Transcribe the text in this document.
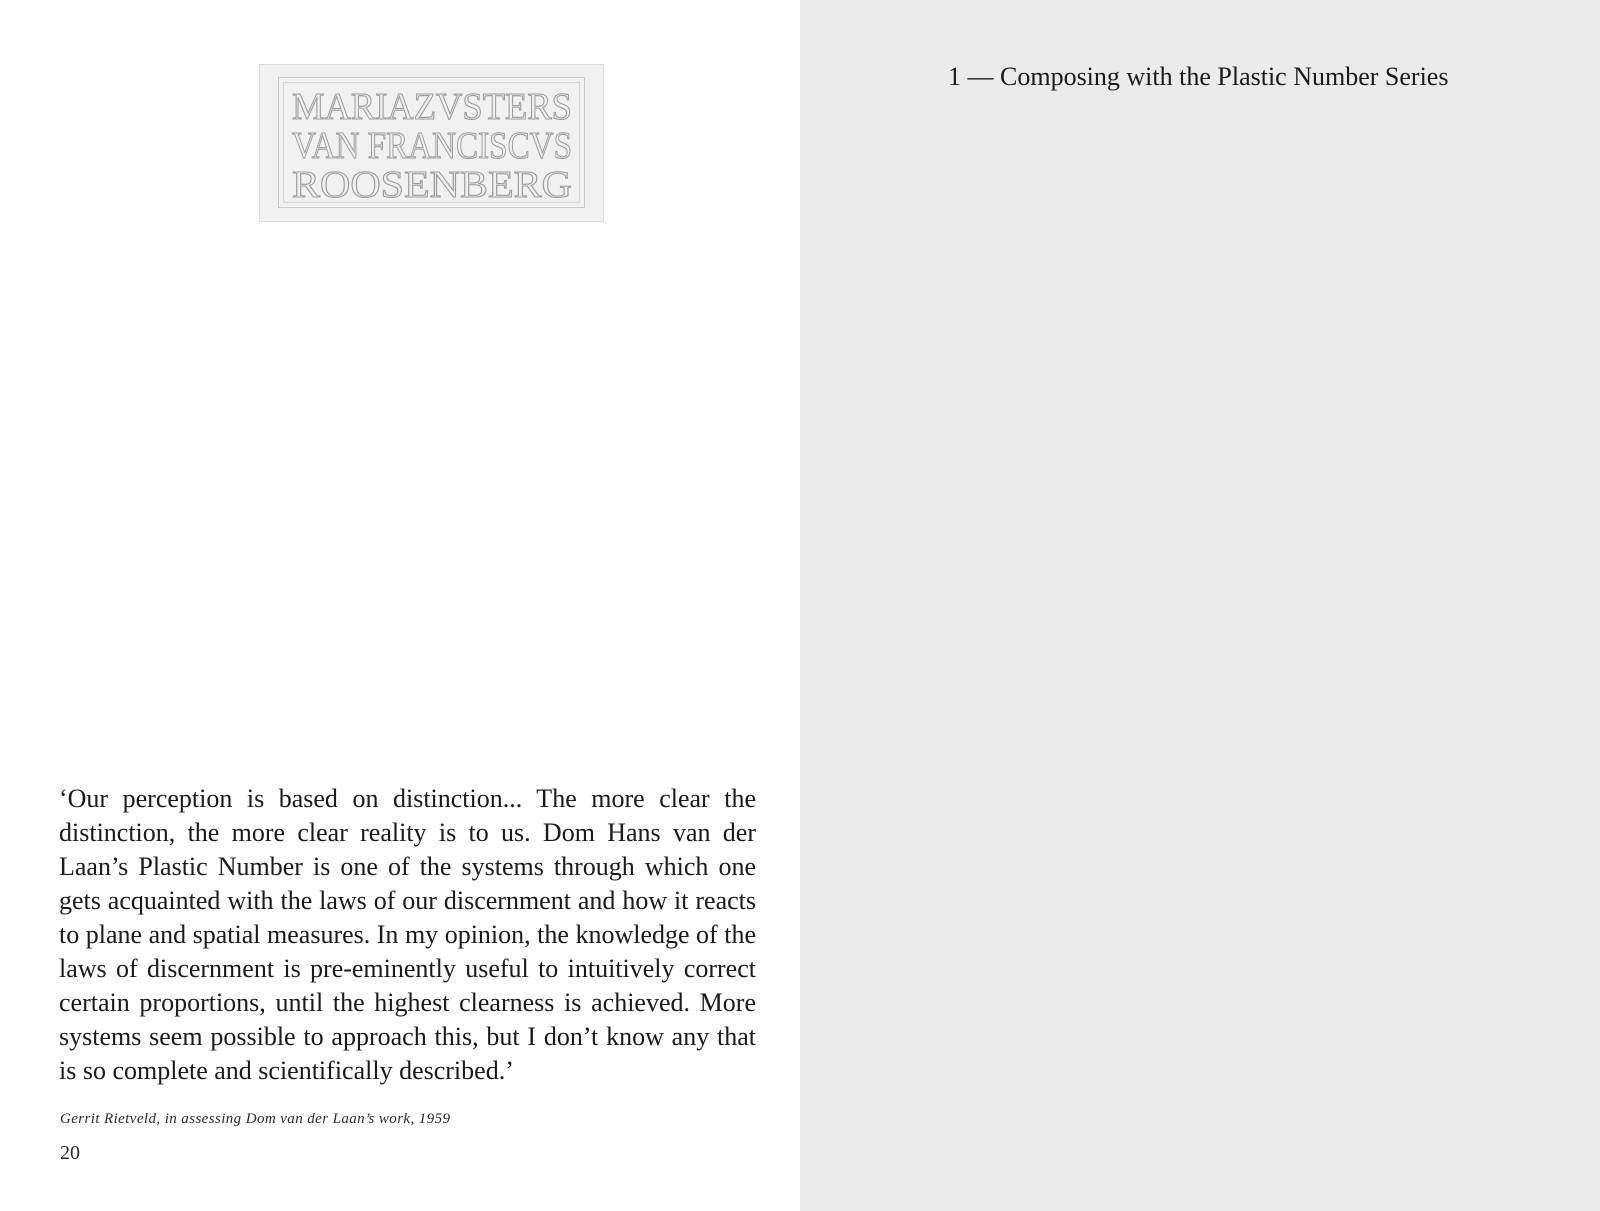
MARIAZVSTERS
VAN FRANCISCVS
ROOSENBERG

‘Our perception is based on distinction... The more clear the distinction, the more clear reality is to us. Dom Hans van der Laan’s Plastic Number is one of the systems through which one gets acquainted with the laws of our discernment and how it reacts to plane and spatial measures. In my opinion, the knowledge of the laws of discernment is pre-eminently useful to intuitively correct certain proportions, until the highest clearness is achieved. More systems seem possible to approach this, but I don’t know any that is so complete and scientifically described.’

Gerrit Rietveld, in assessing Dom van der Laan’s work, 1959

20

1 — Composing with the Plastic Number Series
